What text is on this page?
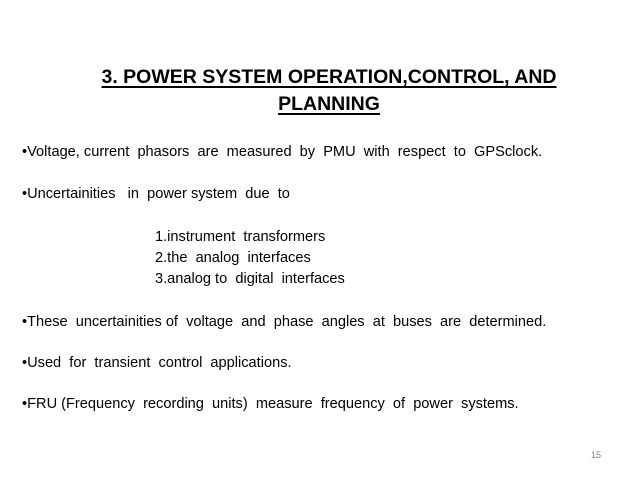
3. POWER SYSTEM OPERATION,CONTROL, AND
PLANNING
•Voltage, current  phasors  are  measured  by  PMU  with  respect  to  GPSclock.
•Uncertainities   in  power system  due  to
1.instrument  transformers
2.the  analog  interfaces
3.analog to  digital  interfaces
•These  uncertainities of  voltage  and  phase  angles  at  buses  are  determined.
•Used  for  transient  control  applications.
•FRU (Frequency  recording  units)  measure  frequency  of  power  systems.
15
